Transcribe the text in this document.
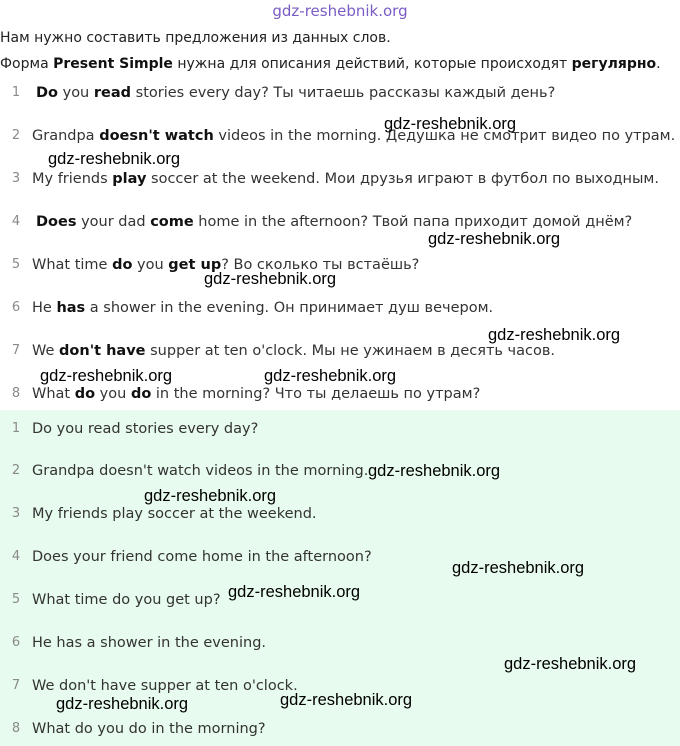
gdz-reshebnik.org
Нам нужно составить предложения из данных слов.
Форма Present Simple нужна для описания действий, которые происходят регулярно.
1 Do you read stories every day? Ты читаешь рассказы каждый день?
2 Grandpa doesn't watch videos in the morning. Дедушка не смотрит видео по утрам.
3 My friends play soccer at the weekend. Мои друзья играют в футбол по выходным.
4 Does your dad come home in the afternoon? Твой папа приходит домой днём?
5 What time do you get up? Во сколько ты встаёшь?
6 He has a shower in the evening. Он принимает душ вечером.
7 We don't have supper at ten o'clock. Мы не ужинаем в десять часов.
8 What do you do in the morning? Что ты делаешь по утрам?
1 Do you read stories every day?
2 Grandpa doesn't watch videos in the morning.
3 My friends play soccer at the weekend.
4 Does your friend come home in the afternoon?
5 What time do you get up?
6 He has a shower in the evening.
7 We don't have supper at ten o'clock.
8 What do you do in the morning?
gdz-reshebnik.org
gdz-reshebnik.org
gdz-reshebnik.org
gdz-reshebnik.org
gdz-reshebnik.org
gdz-reshebnik.org	gdz-reshebnik.org
gdz-reshebnik.org
gdz-reshebnik.org
gdz-reshebnik.org
gdz-reshebnik.org
gdz-reshebnik.org
gdz-reshebnik.org	gdz-reshebnik.org
